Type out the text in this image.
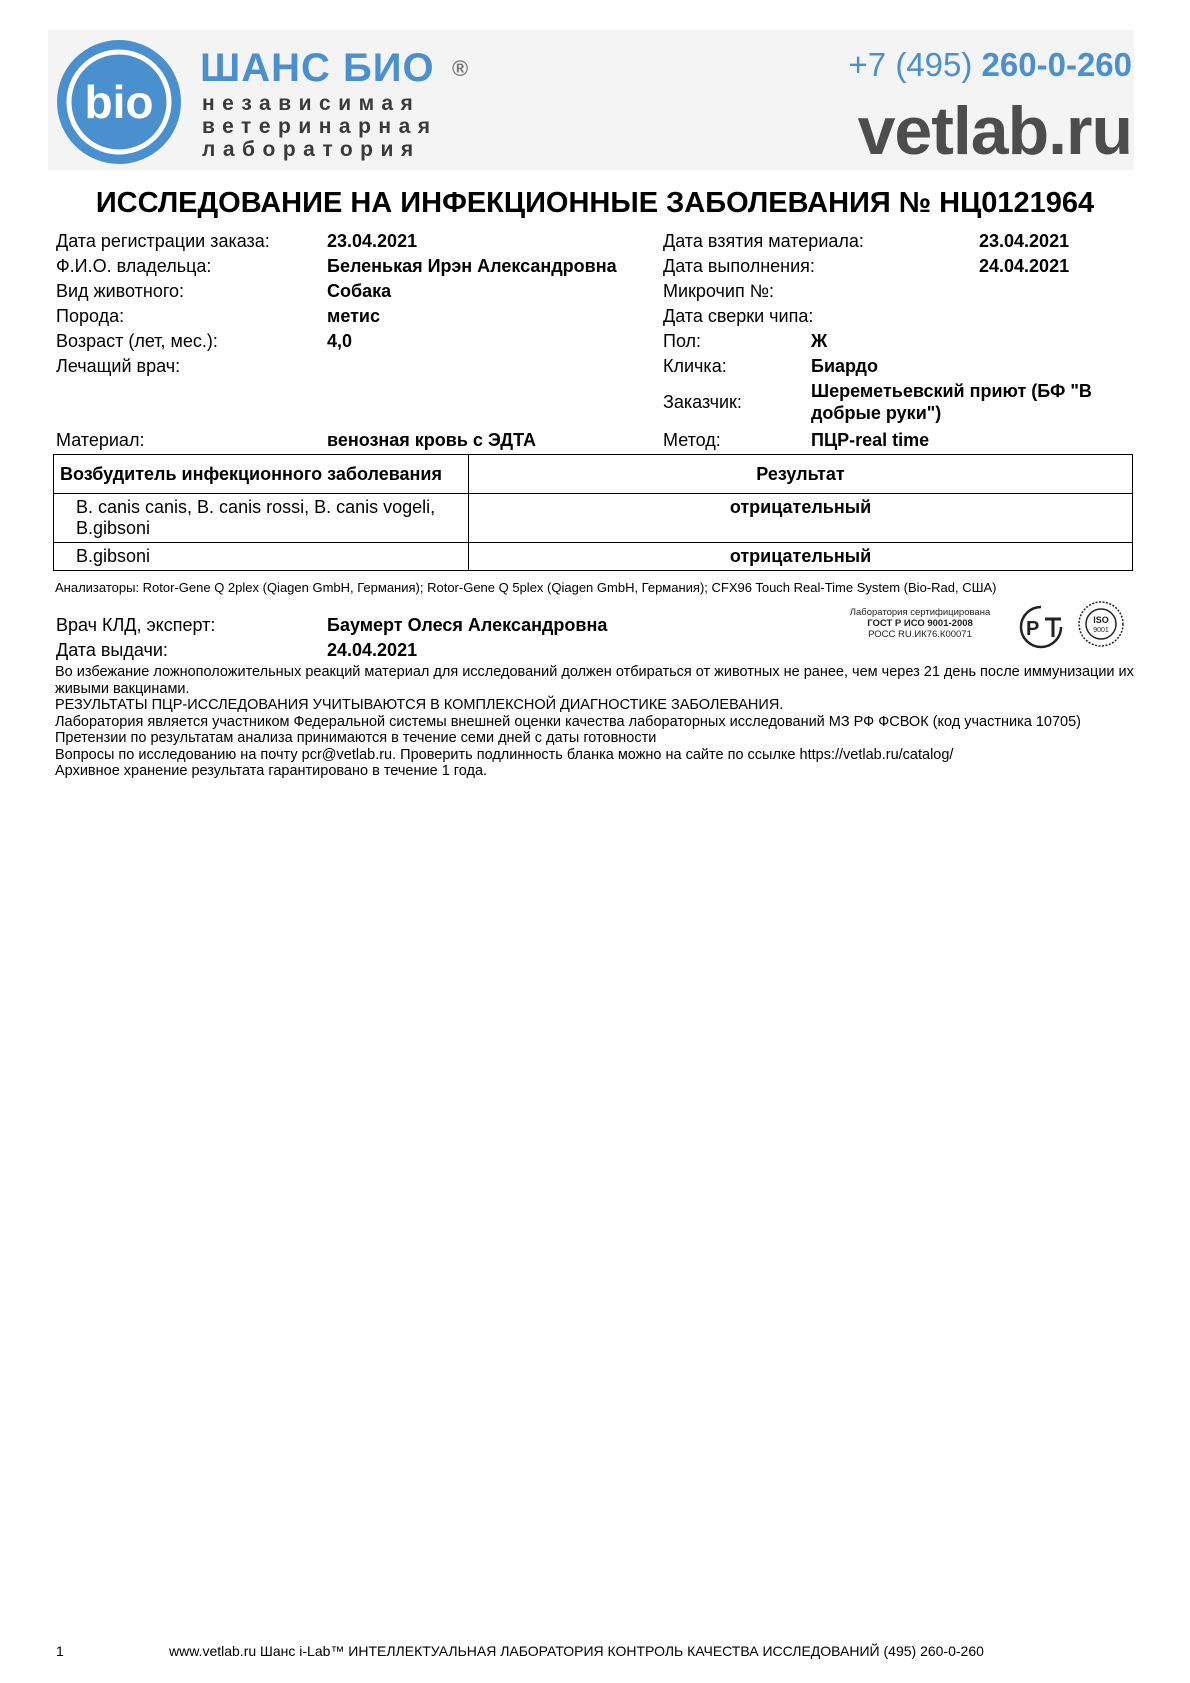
bio
ШАНС БИО ®
независимая
ветеринарная
лаборатория
+7 (495) 260-0-260
vetlab.ru
ИССЛЕДОВАНИЕ НА ИНФЕКЦИОННЫЕ ЗАБОЛЕВАНИЯ № НЦ0121964
Дата регистрации заказа:	23.04.2021
Ф.И.О. владельца:	Беленькая Ирэн Александровна
Вид животного:	Собака
Порода:	метис
Возраст (лет, мес.):	4,0
Лечащий врач:
Материал:	венозная кровь с ЭДТА
Дата взятия материала:	23.04.2021
Дата выполнения:	24.04.2021
Микрочип №:
Дата сверки чипа:
Пол:	Ж
Кличка:	Биардо
Заказчик:
Шереметьевский приют (БФ "В
добрые руки")
Метод:	ПЦР-real time
Возбудитель инфекционного заболевания	Результат
B. canis canis, B. canis rossi, B. canis vogeli,
B.gibsoni	отрицательный
B.gibsoni	отрицательный
Анализаторы: Rotor-Gene Q 2plex (Qiagen GmbH, Германия); Rotor-Gene Q 5plex (Qiagen GmbH, Германия); CFX96 Touch Real-Time System (Bio-Rad, США)
Врач КЛД, эксперт:	Баумерт Олеся Александровна
Дата выдачи:	24.04.2021
Лаборатория сертифицирована
ГОСТ Р ИСО 9001-2008
РОСС RU.ИК76.К00071	P	ISO
9001
Во избежание ложноположительных реакций материал для исследований должен отбираться от животных не ранее, чем через 21 день после иммунизации их живыми вакцинами.
РЕЗУЛЬТАТЫ ПЦР-ИССЛЕДОВАНИЯ УЧИТЫВАЮТСЯ В КОМПЛЕКСНОЙ ДИАГНОСТИКЕ ЗАБОЛЕВАНИЯ.
Лаборатория является участником Федеральной системы внешней оценки качества лабораторных исследований МЗ РФ ФСВОК (код участника 10705)
Претензии по результатам анализа принимаются в течение семи дней с даты готовности
Вопросы по исследованию на почту pcr@vetlab.ru. Проверить подлинность бланка можно на сайте по ссылке https://vetlab.ru/catalog/
Архивное хранение результата гарантировано в течение 1 года.
1	www.vetlab.ru Шанс i-Lab™ ИНТЕЛЛЕКТУАЛЬНАЯ ЛАБОРАТОРИЯ КОНТРОЛЬ КАЧЕСТВА ИССЛЕДОВАНИЙ (495) 260-0-260
